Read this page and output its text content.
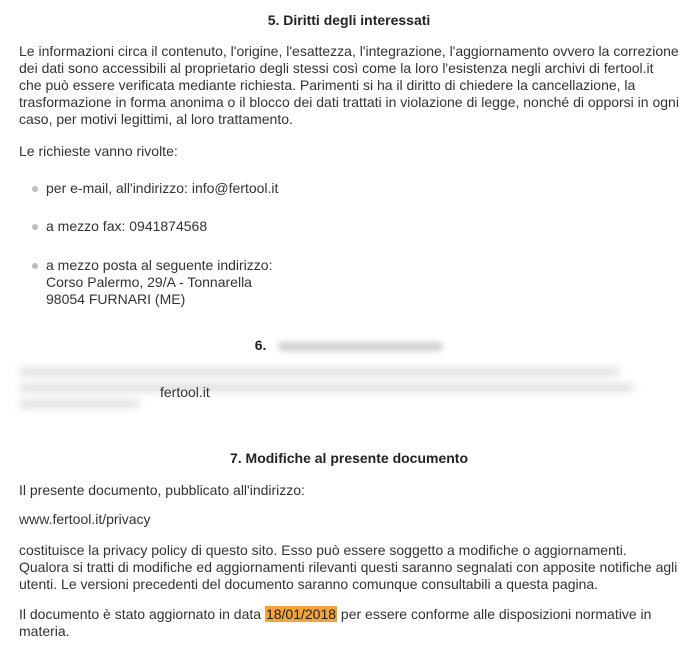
5. Diritti degli interessati

Le informazioni circa il contenuto, l'origine, l'esattezza, l'integrazione, l'aggiornamento ovvero la correzione dei dati sono accessibili al proprietario degli stessi così come la loro l'esistenza negli archivi di fertool.it che può essere verificata mediante richiesta. Parimenti si ha il diritto di chiedere la cancellazione, la trasformazione in forma anonima o il blocco dei dati trattati in violazione di legge, nonché di opporsi in ogni caso, per motivi legittimi, al loro trattamento.

Le richieste vanno rivolte:

per e-mail, all'indirizzo: info@fertool.it
a mezzo fax: 0941874568
a mezzo posta al seguente indirizzo:
Corso Palermo, 29/A - Tonnarella
98054 FURNARI (ME)
6.
fertool.it
7. Modifiche al presente documento

Il presente documento, pubblicato all'indirizzo:

www.fertool.it/privacy

costituisce la privacy policy di questo sito. Esso può essere soggetto a modifiche o aggiornamenti. Qualora si tratti di modifiche ed aggiornamenti rilevanti questi saranno segnalati con apposite notifiche agli utenti. Le versioni precedenti del documento saranno comunque consultabili a questa pagina.

Il documento è stato aggiornato in data 18/01/2018 per essere conforme alle disposizioni normative in materia.
